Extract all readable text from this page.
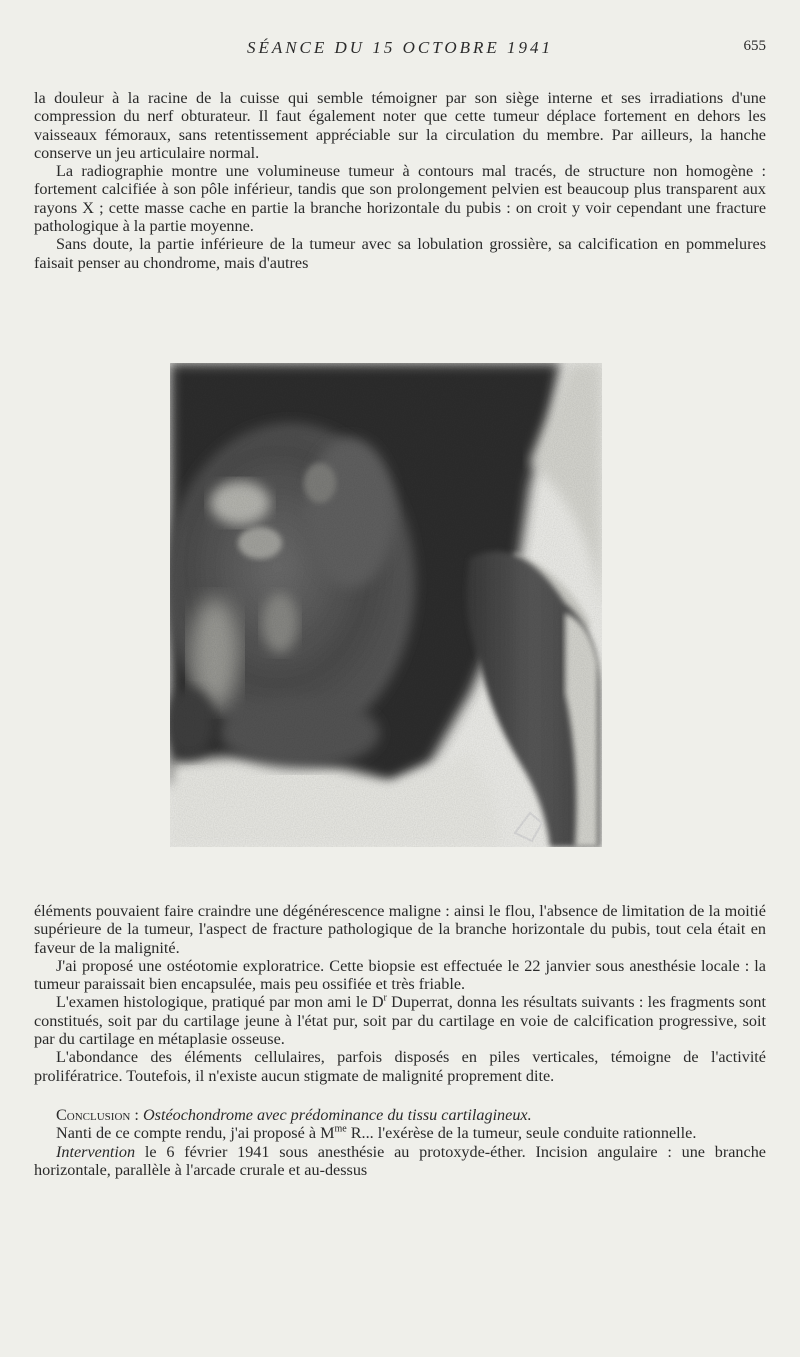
SÉANCE DU 15 OCTOBRE 1941	655

la douleur à la racine de la cuisse qui semble témoigner par son siège interne et ses irradiations d'une compression du nerf obturateur. Il faut également noter que cette tumeur déplace fortement en dehors les vaisseaux fémoraux, sans retentissement appréciable sur la circulation du membre. Par ailleurs, la hanche conserve un jeu articulaire normal.

La radiographie montre une volumineuse tumeur à contours mal tracés, de structure non homogène : fortement calcifiée à son pôle inférieur, tandis que son prolongement pelvien est beaucoup plus transparent aux rayons X ; cette masse cache en partie la branche horizontale du pubis : on croit y voir cependant une fracture pathologique à la partie moyenne.

Sans doute, la partie inférieure de la tumeur avec sa lobulation grossière, sa calcification en pommelures faisait penser au chondrome, mais d'autres

éléments pouvaient faire craindre une dégénérescence maligne : ainsi le flou, l'absence de limitation de la moitié supérieure de la tumeur, l'aspect de fracture pathologique de la branche horizontale du pubis, tout cela était en faveur de la malignité.

J'ai proposé une ostéotomie exploratrice. Cette biopsie est effectuée le 22 janvier sous anesthésie locale : la tumeur paraissait bien encapsulée, mais peu ossifiée et très friable.

L'examen histologique, pratiqué par mon ami le $D^r$ Duperrat, donna les résultats suivants : les fragments sont constitués, soit par du cartilage jeune à l'état pur, soit par du cartilage en voie de calcification progressive, soit par du cartilage en métaplasie osseuse.

L'abondance des éléments cellulaires, parfois disposés en piles verticales, témoigne de l'activité prolifératrice. Toutefois, il n'existe aucun stigmate de malignité proprement dite.

Conclusion : Ostéochondrome avec prédominance du tissu cartilagineux.

Nanti de ce compte rendu, j'ai proposé à $M^{me}$ R... l'exérèse de la tumeur, seule conduite rationnelle.

Intervention le 6 février 1941 sous anesthésie au protoxyde-éther. Incision angulaire : une branche horizontale, parallèle à l'arcade crurale et au-dessus
